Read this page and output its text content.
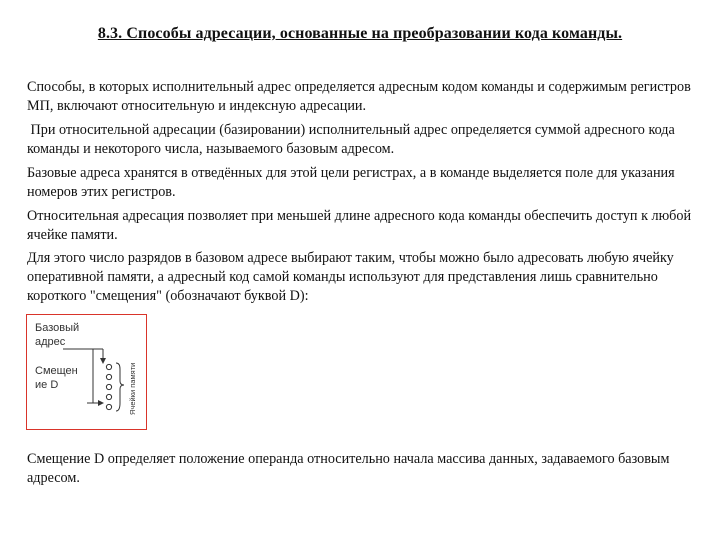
8.3. Способы адресации, основанные на преобразовании кода команды.

Способы, в которых исполнительный адрес определяется адресным кодом команды и содержимым регистров МП, включают относительную и индексную адресации.

При относительной адресации (базировании) исполнительный адрес определяется суммой адресного кода команды и некоторого числа, называемого базовым адресом.

Базовые адреса хранятся в отведённых для этой цели регистрах, а в команде выделяется поле для указания номеров этих регистров.

Относительная адресация позволяет при меньшей длине адресного кода команды обеспечить доступ к любой ячейке памяти.

Для этого число разрядов в базовом адресе выбирают таким, чтобы можно было адресовать любую ячейку оперативной памяти, а адресный код самой команды используют для представления лишь сравнительно короткого "смещения" (обозначают буквой D):

Базовый
адрес
Смещен
ие D	Ячейки памяти

Смещение D определяет положение операнда относительно начала массива данных, задаваемого базовым адресом.
